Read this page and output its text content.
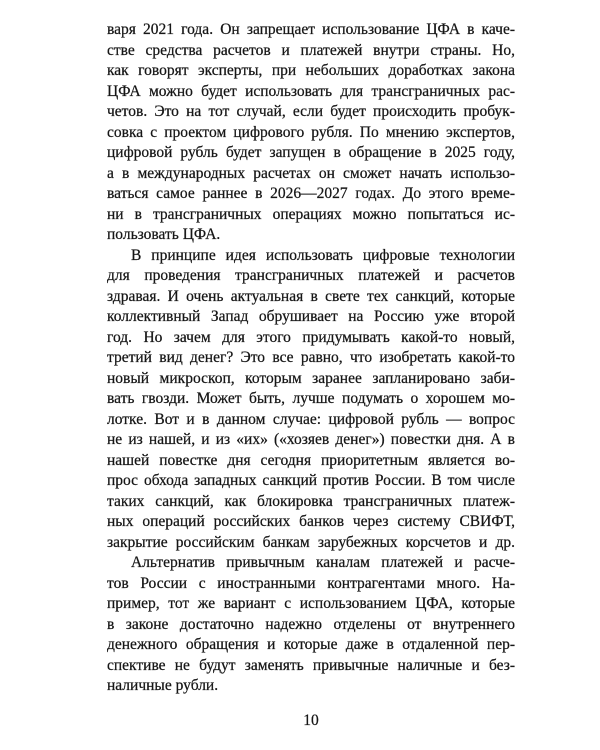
варя 2021 года. Он запрещает использование ЦФА в каче-
стве средства расчетов и платежей внутри страны. Но,
как говорят эксперты, при небольших доработках закона
ЦФА можно будет использовать для трансграничных рас-
четов. Это на тот случай, если будет происходить пробук-
совка с проектом цифрового рубля. По мнению экспертов,
цифровой рубль будет запущен в обращение в 2025 году,
а в международных расчетах он сможет начать использо-
ваться самое раннее в 2026—2027 годах. До этого време-
ни в трансграничных операциях можно попытаться ис-
пользовать ЦФА.
В принципе идея использовать цифровые технологии
для проведения трансграничных платежей и расчетов
здравая. И очень актуальная в свете тех санкций, которые
коллективный Запад обрушивает на Россию уже второй
год. Но зачем для этого придумывать какой-то новый,
третий вид денег? Это все равно, что изобретать какой-то
новый микроскоп, которым заранее запланировано заби-
вать гвозди. Может быть, лучше подумать о хорошем мо-
лотке. Вот и в данном случае: цифровой рубль — вопрос
не из нашей, и из «их» («хозяев денег») повестки дня. А в
нашей повестке дня сегодня приоритетным является во-
прос обхода западных санкций против России. В том числе
таких санкций, как блокировка трансграничных платеж-
ных операций российских банков через систему СВИФТ,
закрытие российским банкам зарубежных корсчетов и др.
Альтернатив привычным каналам платежей и расче-
тов России с иностранными контрагентами много. На-
пример, тот же вариант с использованием ЦФА, которые
в законе достаточно надежно отделены от внутреннего
денежного обращения и которые даже в отдаленной пер-
спективе не будут заменять привычные наличные и без-
наличные рубли.
10
